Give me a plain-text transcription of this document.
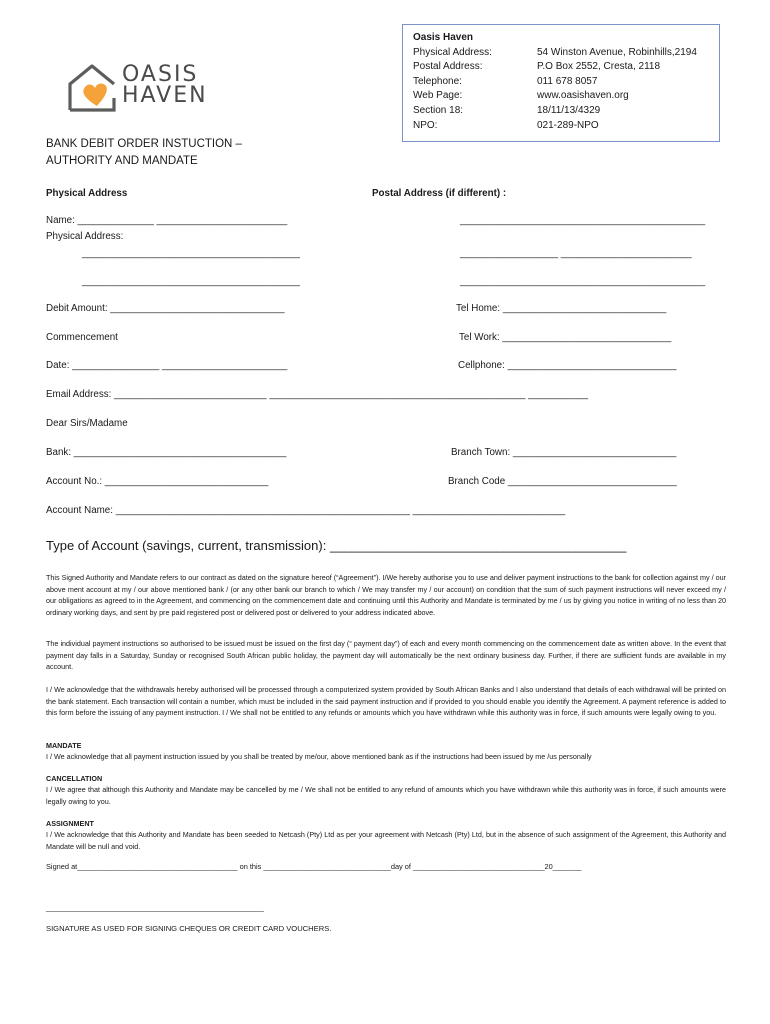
OASIS
HAVEN
Oasis Haven
Physical Address:	54 Winston Avenue, Robinhills,2194
Postal Address:	P.O Box 2552, Cresta, 2118
Telephone:	011 678 8057
Web Page:	www.oasishaven.org
Section 18:	18/11/13/4329
NPO:	021-289-NPO
BANK DEBIT ORDER INSTUCTION – AUTHORITY AND MANDATE
Physical Address	Postal Address (if different) :
Name: ______________ ________________________	_____________________________________________
Physical Address:
________________________________________	__________________ ________________________
________________________________________	_____________________________________________
Debit Amount: ________________________________	Tel Home: ______________________________
Commencement	Tel Work: _______________________________
Date: ________________ _______________________	Cellphone: _______________________________
Email Address: ____________________________ _______________________________________________ ___________
Dear Sirs/Madame
Bank: _______________________________________	Branch Town: ______________________________
Account No.: ______________________________	Branch Code _______________________________
Account Name: ______________________________________________________ ____________________________
Type of Account (savings, current, transmission): _________________________________________
This Signed Authority and Mandate refers to our contract as dated on the signature hereof (“Agreement”). I/We hereby authorise you to use and deliver payment instructions to the bank for collection against my / our above ment account at my / our above mentioned bank / (or any other bank our branch to which / We may transfer my / our account) on condition that the sum of such payment instructions will never exceed my / our obligations as agreed to in the Agreement, and commencing on the commencement date and continuing until this Authority and Mandate is terminated by me / us by giving you notice in writing of no less than 20 ordinary working days, and sent by pre paid registered post or delivered post or delivered to your address indicated above.
The individual payment instructions so authorised to be issued must be issued on the first day (“ payment day”) of each and every month commencing on the commencement date as written above. In the event that payment day falls in a Saturday, Sunday or recognised South African public holiday, the payment day will automatically be the next ordinary business day. Further, if there are sufficient funds are available in my account.
I / We acknowledge that the withdrawals hereby authorised will be processed through a computerized system provided by South African Banks and I also understand that details of each withdrawal will be printed on the bank statement. Each transaction will contain a number, which must be included in the said payment instruction and if provided to you should enable you identify the Agreement. A payment reference is added to this form before the issuing of any payment instruction. I / We shall not be entitled to any refunds or amounts which you have withdrawn while this authority was in force, if such amounts were legally owing to you.
MANDATE
I / We acknowledge that all payment instruction issued by you shall be treated by me/our, above mentioned bank as if the instructions had been issued by me /us personally
CANCELLATION
I / We agree that although this Authority and Mandate may be cancelled by me / We shall not be entitled to any refund of amounts which you have withdrawn while this authority was in force, if such amounts were legally owing to you.
ASSIGNMENT
I / We acknowledge that this Authority and Mandate has been seeded to Netcash (Pty) Ltd as per your agreement with Netcash (Pty) Ltd, but in the absence of such assignment of the Agreement, this Authority and Mandate will be null and void.
Signed at_______________________________________ on this _______________________________day of ________________________________20_______
_____________________________________________________
SIGNATURE AS USED FOR SIGNING CHEQUES OR CREDIT CARD VOUCHERS.
